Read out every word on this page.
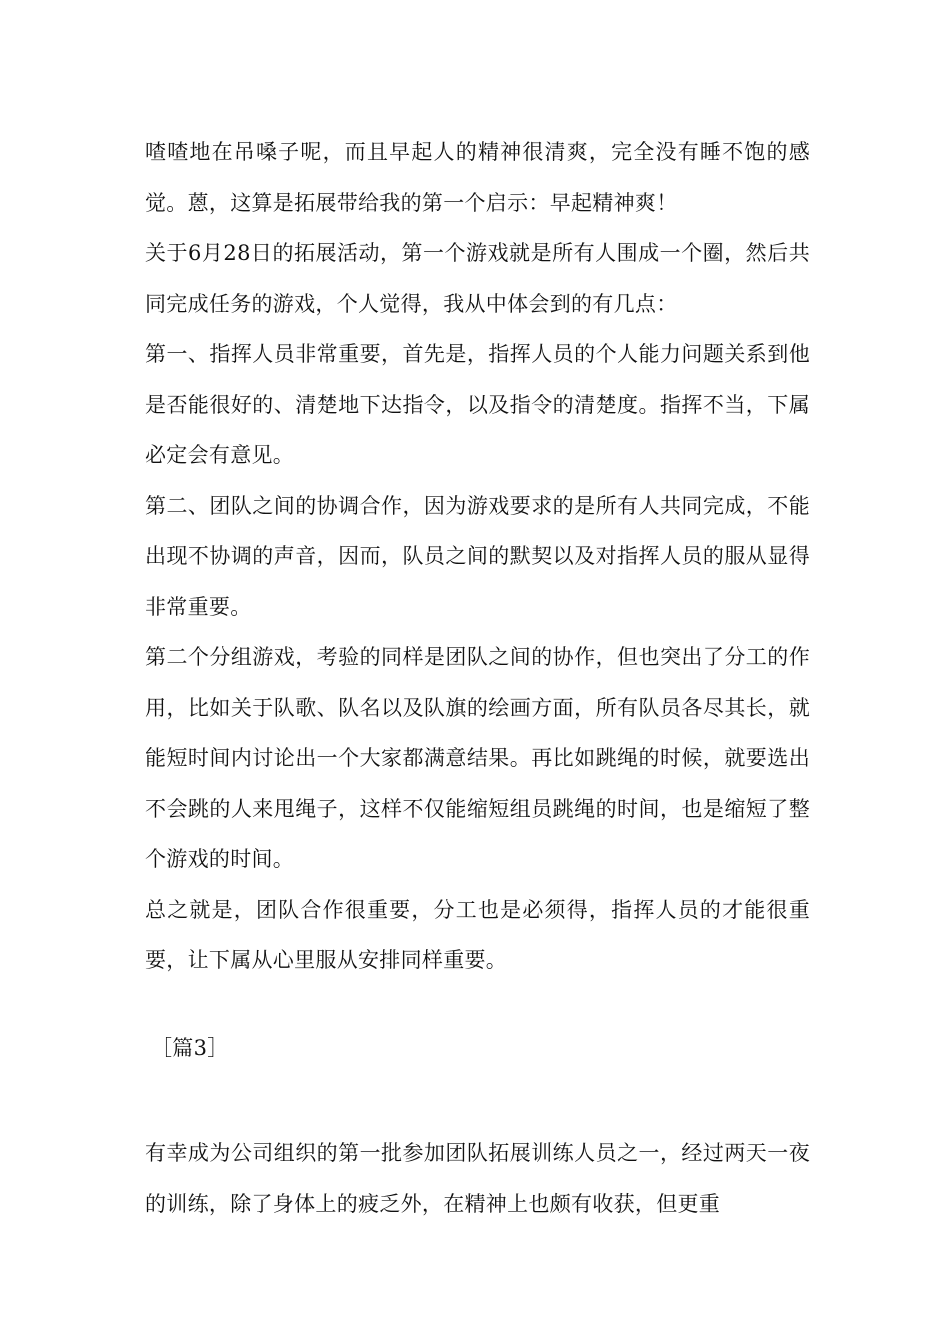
喳喳地在吊嗓子呢，而且早起人的精神很清爽，完全没有睡不饱的感觉。蒽，这算是拓展带给我的第一个启示：早起精神爽！

关于6月28日的拓展活动，第一个游戏就是所有人围成一个圈，然后共同完成任务的游戏，个人觉得，我从中体会到的有几点：

第一、指挥人员非常重要，首先是，指挥人员的个人能力问题关系到他是否能很好的、清楚地下达指令，以及指令的清楚度。指挥不当，下属必定会有意见。

第二、团队之间的协调合作，因为游戏要求的是所有人共同完成，不能出现不协调的声音，因而，队员之间的默契以及对指挥人员的服从显得非常重要。

第二个分组游戏，考验的同样是团队之间的协作，但也突出了分工的作用，比如关于队歌、队名以及队旗的绘画方面，所有队员各尽其长，就能短时间内讨论出一个大家都满意结果。再比如跳绳的时候，就要选出不会跳的人来甩绳子，这样不仅能缩短组员跳绳的时间，也是缩短了整个游戏的时间。

总之就是，团队合作很重要，分工也是必须得，指挥人员的才能很重要，让下属从心里服从安排同样重要。

［篇3］

有幸成为公司组织的第一批参加团队拓展训练人员之一，经过两天一夜的训练，除了身体上的疲乏外，在精神上也颇有收获，但更重
